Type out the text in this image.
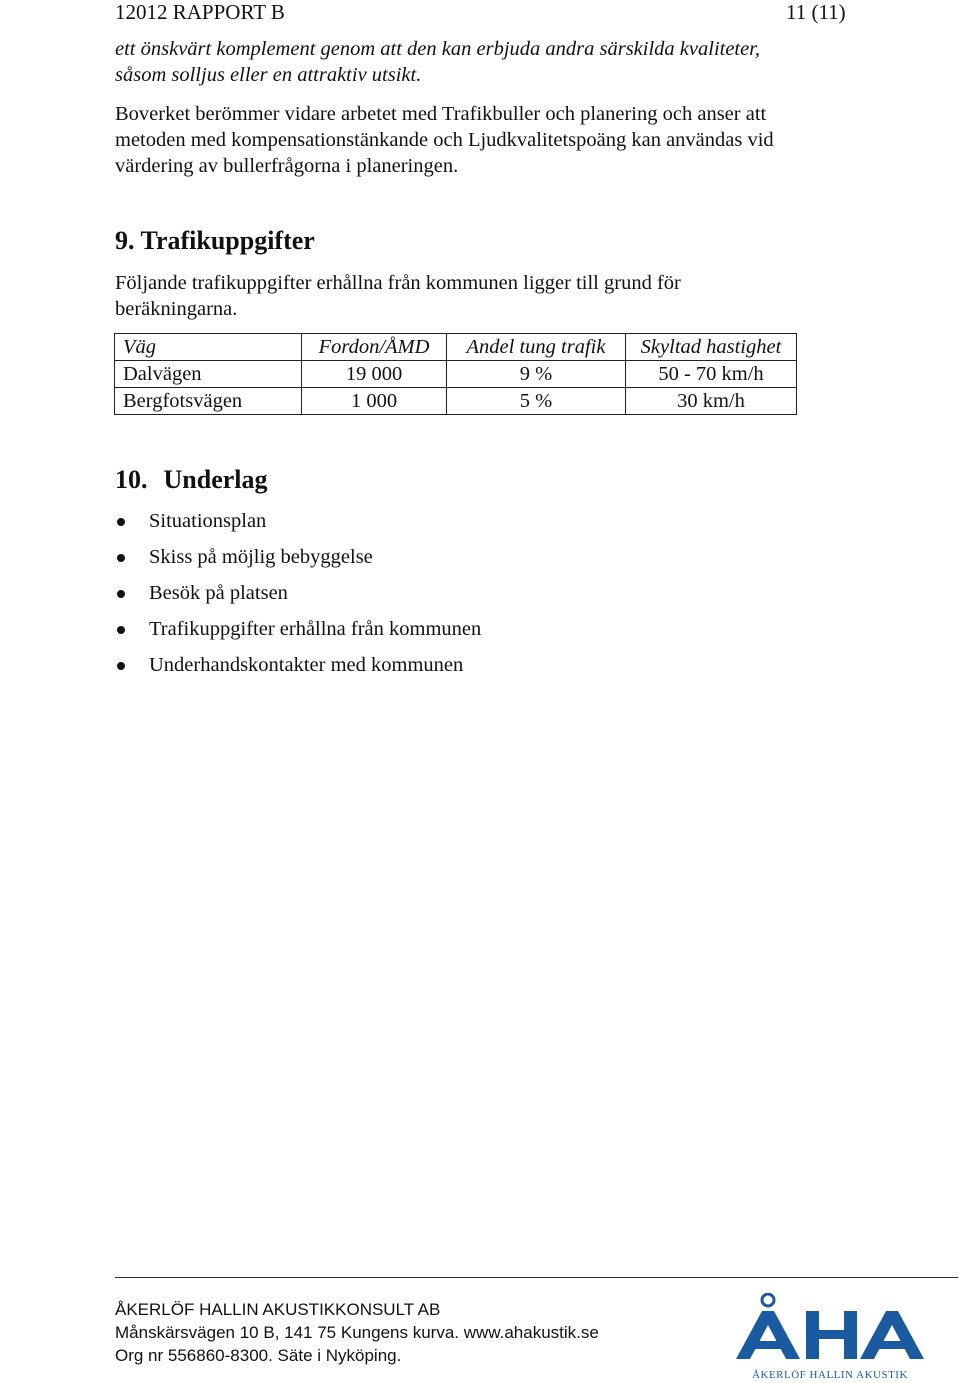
12012 RAPPORT B	11 (11)
ett önskvärt komplement genom att den kan erbjuda andra särskilda kvaliteter,
såsom solljus eller en attraktiv utsikt.
Boverket berömmer vidare arbetet med Trafikbuller och planering och anser att
metoden med kompensationstänkande och Ljudkvalitetspoäng kan användas vid
värdering av bullerfrågorna i planeringen.
9. Trafikuppgifter
Följande trafikuppgifter erhållna från kommunen ligger till grund för
beräkningarna.
Väg	Fordon/ÅMD	Andel tung trafik	Skyltad hastighet
Dalvägen	19 000	9 %	50 - 70 km/h
Bergfotsvägen	1 000	5 %	30 km/h
10. Underlag
Situationsplan
Skiss på möjlig bebyggelse
Besök på platsen
Trafikuppgifter erhållna från kommunen
Underhandskontakter med kommunen
ÅKERLÖF HALLIN AKUSTIKKONSULT AB
Månskärsvägen 10 B, 141 75 Kungens kurva. www.ahakustik.se
Org nr 556860-8300. Säte i Nyköping.
ÅKERLÖF HALLIN AKUSTIK
